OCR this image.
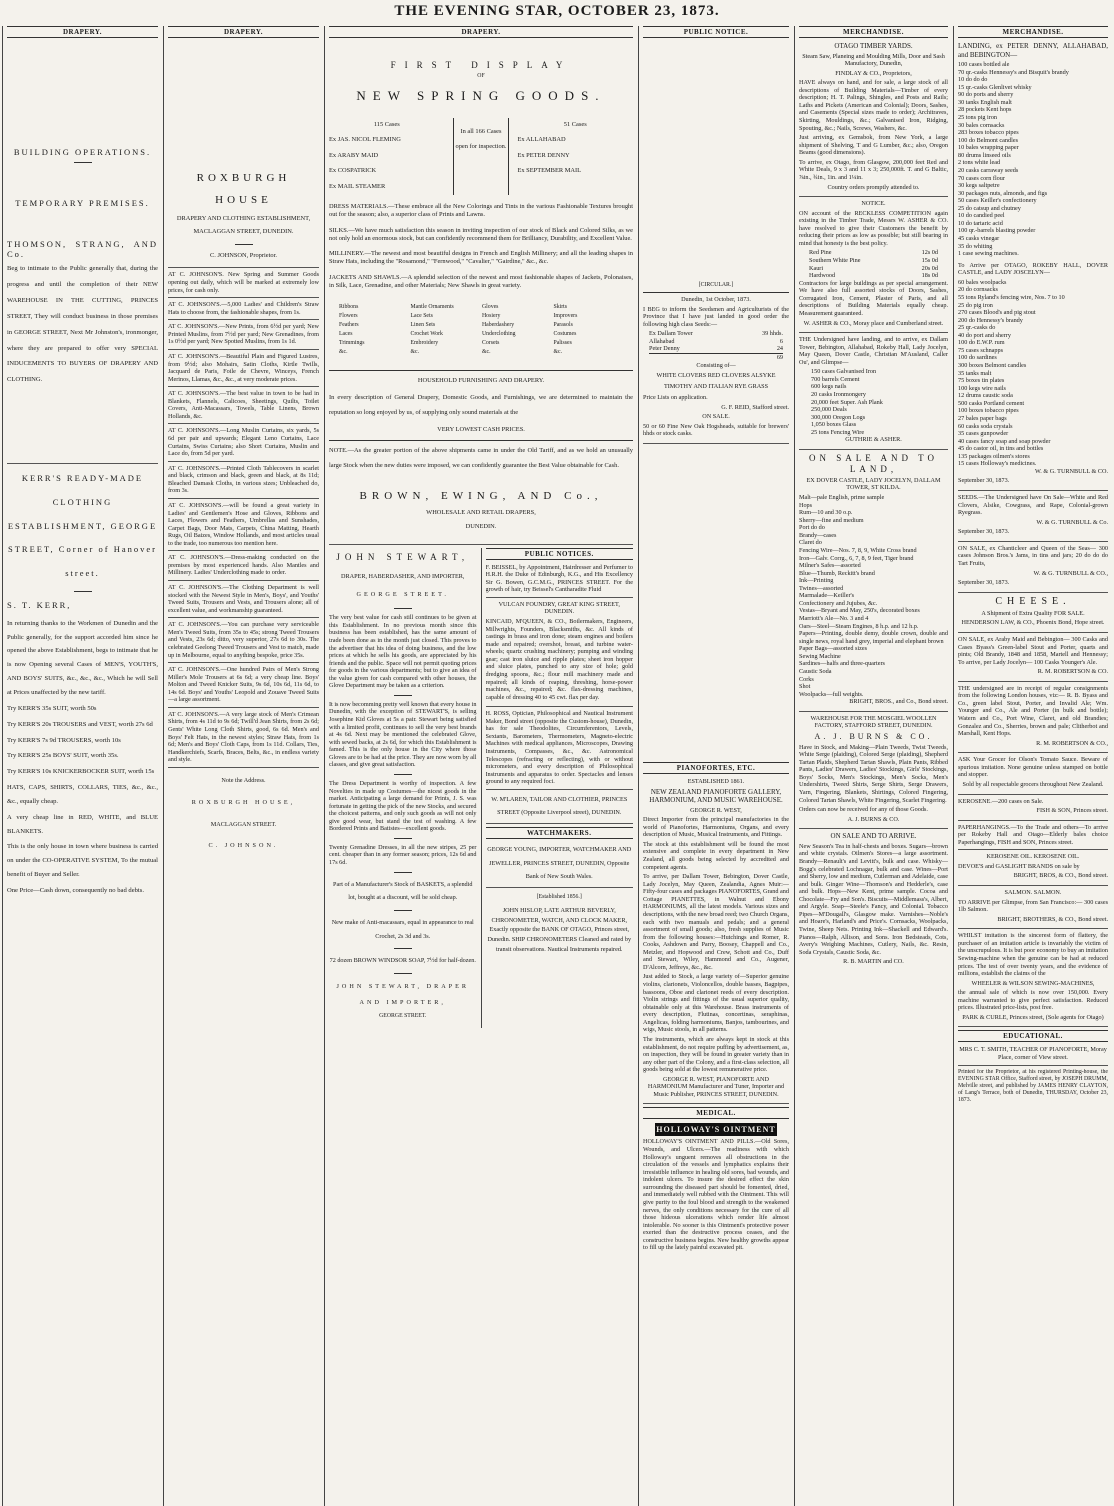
THE EVENING STAR, OCTOBER 23, 1873.
DRAPERY.

BUILDING OPERATIONS.

TEMPORARY PREMISES.

THOMSON, STRANG, AND Co.

Beg to intimate to the Public generally that, during the progress and until the completion of their NEW WAREHOUSE IN THE CUTTING, PRINCES STREET, They will conduct business in those premises in GEORGE STREET, Next Mr Johnston's, ironmonger, where they are prepared to offer very SPECIAL INDUCEMENTS TO BUYERS OF DRAPERY AND CLOTHING.

KERR'S READY-MADE CLOTHING ESTABLISHMENT, GEORGE STREET, Corner of Hanover street.

S. T. KERR,

In returning thanks to the Workmen of Dunedin and the Public generally, for the support accorded him since he opened the above Establishment, begs to intimate that he is now Opening several Cases of MEN'S, YOUTH'S, AND BOYS' SUITS, &c., &c., &c., Which he will Sell at Prices unaffected by the new tariff.

Try KERR'S 35s SUIT, worth 50s

Try KERR'S 20s TROUSERS and VEST, worth 27s 6d

Try KERR'S 7s 9d TROUSERS, worth 10s

Try KERR'S 25s BOYS' SUIT, worth 35s.

Try KERR'S 10s KNICKERBOCKER SUIT, worth 15s

HATS, CAPS, SHIRTS, COLLARS, TIES, &c., &c., &c., equally cheap.

A very cheap line in RED, WHITE, and BLUE BLANKETS.

This is the only house in town where business is carried on under the CO-OPERATIVE SYSTEM, To the mutual benefit of Buyer and Seller.

One Price—Cash down, consequently no bad debts.

DRAPERY.

ROXBURGH HOUSE

DRAPERY AND CLOTHING ESTABLISHMENT, MACLAGGAN STREET, DUNEDIN.

C. JOHNSON, Proprietor.

AT C. JOHNSON'S. New Spring and Summer Goods opening out daily, which will be marked at extremely low prices, for cash only.
AT C. JOHNSON'S.—5,000 Ladies' and Children's Straw Hats to choose from, the fashionable shapes, from 1s.
AT C. JOHNSON'S.—New Prints, from 6½d per yard; New Printed Muslins, from 7½d per yard; New Grenadines, from 1s 0½d per yard; New Spotted Muslins, from 1s 1d.
AT C. JOHNSON'S.—Beautiful Plain and Figured Lustres, from 9½d; also Mohairs, Satin Cloths, Kirtle Twills, Jacquard de Paris, Foile de Chevre, Winceys, French Merinos, Llamas, &c., &c., at very moderate prices.
AT C. JOHNSON'S.—The best value in town to be had in Blankets, Flannels, Calicoes, Sheetings, Quilts, Toilet Covers, Anti-Macassars, Towels, Table Linens, Brown Hollands, &c.
AT C. JOHNSON'S.—Long Muslin Curtains, six yards, 5s 6d per pair and upwards; Elegant Leno Curtains, Lace Curtains, Swiss Curtains; also Short Curtains, Muslin and Lace do, from 5d per yard.
AT C. JOHNSON'S.—Printed Cloth Tablecovers in scarlet and black, crimson and black, green and black, at 8s 11d; Bleached Damask Cloths, in various sizes; Unbleached do, from 3s.
AT C. JOHNSON'S.—will be found a great variety in Ladies' and Gentlemen's Hose and Gloves, Ribbons and Laces, Flowers and Feathers, Umbrellas and Sunshades, Carpet Bags, Door Mats, Carpets, China Matting, Hearth Rugs, Oil Baizes, Window Hollands, and most articles usual to the trade, too numerous too mention here.
AT C. JOHNSON'S.—Dress-making conducted on the premises by most experienced hands. Also Mantles and Millinery. Ladies' Underclothing made to order.
AT C. JOHNSON'S.—The Clothing Department is well stocked with the Newest Style in Men's, Boys', and Youths' Tweed Suits, Trousers and Vests, and Trousers alone; all of excellent value, and workmanship guaranteed.
AT C. JOHNSON'S.—You can purchase very serviceable Men's Tweed Suits, from 35s to 45s; strong Tweed Trousers and Vests, 23s 6d; ditto, very superior, 27s 6d to 30s. The celebrated Geelong Tweed Trousers and Vest to match, made up in Melbourne, equal to anything bespoke, price 35s.
AT C. JOHNSON'S.—One hundred Pairs of Men's Strong Miller's Mole Trousers at 6s 6d; a very cheap line. Boys' Molton and Tweed Knicker Suits, 9s 6d, 10s 6d, 11s 6d, to 14s 6d. Boys' and Youths' Leopold and Zouave Tweed Suits—a large assortment.
AT C. JOHNSON'S.—A very large stock of Men's Crimean Shirts, from 4s 11d to 9s 6d; Twill'd Jean Shirts, from 2s 6d; Gents' White Long Cloth Shirts, good, 6s 6d. Men's and Boys' Felt Hats, in the newest styles; Straw Hats, from 1s 6d; Men's and Boys' Cloth Caps, from 1s 11d. Collars, Ties, Handkerchiefs, Scarfs, Braces, Belts, &c., in endless variety and style.

Note the Address.

ROXBURGH HOUSE,

MACLAGGAN STREET.

C. JOHNSON.

DRAPERY.

FIRST DISPLAY

OF

NEW SPRING GOODS.

115 Cases

Ex JAS. NICOL FLEMING

Ex ARABY MAID

Ex COSPATRICK

Ex MAIL STEAMER

In all 166 Cases open for inspection.

51 Cases

Ex ALLAHABAD

Ex PETER DENNY

Ex SEPTEMBER MAIL

DRESS MATERIALS.—These embrace all the New Colorings and Tints in the various Fashionable Textures brought out for the season; also, a superior class of Prints and Lawns.

SILKS.—We have much satisfaction this season in inviting inspection of our stock of Black and Colored Silks, as we not only hold an enormous stock, but can confidently recommend them for Brilliancy, Durability, and Excellent Value.

MILLINERY.—The newest and most beautiful designs in French and English Millinery; and all the leading shapes in Straw Hats, including the "Rosamond," "Fernwood," "Cavalier," "Gairdine," &c., &c.

JACKETS AND SHAWLS.—A splendid selection of the newest and most fashionable shapes of Jackets, Polonaises, in Silk, Lace, Grenadine, and other Materials; New Shawls in great variety.

Ribbons	Mantle Ornaments	Gloves	Skirts
Flowers	Lace Sets	Hosiery	Improvers
Feathers	Linen Sets	Haberdashery	Parasols
Laces	Crochet Work	Underclothing	Costumes
Trimmings	Embroidery	Corsets	Palisses
&c.	&c.	&c.	&c.

HOUSEHOLD FURNISHING AND DRAPERY.

In every description of General Drapery, Domestic Goods, and Furnishings, we are determined to maintain the reputation so long enjoyed by us, of supplying only sound materials at the

VERY LOWEST CASH PRICES.

NOTE.—As the greater portion of the above shipments came in under the Old Tariff, and as we hold an unusually large Stock when the new duties were imposed, we can confidently guarantee the Best Value obtainable for Cash.

BROWN, EWING, AND Co.,

WHOLESALE AND RETAIL DRAPERS,

DUNEDIN.

JOHN STEWART,

DRAPER, HABERDASHER, AND IMPORTER,

GEORGE STREET.

The very best value for cash still continues to be given at this Establishment. In no previous month since this business has been established, has the same amount of trade been done as in the month just closed. This proves to the advertiser that his idea of doing business, and the low prices at which he sells his goods, are appreciated by his friends and the public. Space will not permit quoting prices for goods in the various departments; but to give an idea of the value given for cash compared with other houses, the Glove Department may be taken as a criterion.

It is now becomming pretty well known that every house in Dunedin, with the exception of STEWART'S, is selling Josephine Kid Gloves at 5s a pair. Stewart being satisfied with a limited profit, continues to sell the very best brands at 4s 6d. Next may be mentioned the celebrated Glove, with sewed backs, at 2s 6d, for which this Establishment is famed. This is the only house in the City where those Gloves are to be had at the price. They are now worn by all classes, and give great satisfaction.

The Dress Department is worthy of inspection. A few Novelties in made up Costumes—the nicest goods in the market. Anticipating a large demand for Prints, J. S. was fortunate in getting the pick of the new Stocks, and secured the choicest patterns, and only such goods as will not only give good wear, but stand the test of washing. A few Bordered Prints and Batistes—excellent goods.

Twenty Grenadine Dresses, in all the new stripes, 25 per cent. cheaper than in any former season; prices, 12s 6d and 17s 6d.

Part of a Manufacturer's Stock of BASKETS, a splendid lot, bought at a discount, will be sold cheap.

New make of Anti-macassars, equal in appearance to real Crochet, 2s 3d and 3s.

72 dozen BROWN WINDSOR SOAP, 7½d for half-dozen.

JOHN STEWART, DRAPER AND IMPORTER,

GEORGE STREET.

PUBLIC NOTICES.
F. BEISSEL, by Appointment, Hairdresser and Perfumer to H.R.H. the Duke of Edinburgh, K.G., and His Excellency Sir G. Bowen, G.C.M.G., PRINCES STREET. For the growth of hair, try Beissel's Cantharadite Fluid

VULCAN FOUNDRY, GREAT KING STREET, DUNEDIN.

KINCAID, M'QUEEN, & CO., Boilermakers, Engineers, Millwrights, Founders, Blacksmiths, &c. All kinds of castings in brass and iron done; steam engines and boilers made and repaired; overshot, breast, and turbine water-wheels; quartz crushing machinery; pumping and winding gear; cast iron sluice and ripple plates; sheet iron hopper and sluice plates, punched to any size of hole; gold dredging spoons, &c.; flour mill machinery made and repaired; all kinds of reaping, threshing, horse-power machines, &c., repaired; &c. flax-dressing machines, capable of dressing 40 to 45 cwt. flax per day.

H. ROSS, Optician, Philosophical and Nautical Instrument Maker, Bond street (opposite the Custom-house), Dunedin, has for sale Theodolites, Circumferentors, Levels, Sextants, Barometers, Thermometers, Magneto-electric Machines with medical appliances, Microscopes, Drawing Instruments, Compasses, &c., &c. Astronomical Telescopes (refracting or reflecting), with or without micrometers, and every description of Philosophical Instruments and apparatus to order. Spectacles and lenses ground to any required foci.
W. M'LAREN, TAILOR AND CLOTHIER, PRINCES STREET (Opposite Liverpool street), DUNEDIN.
WATCHMAKERS.
GEORGE YOUNG, IMPORTER, WATCHMAKER AND JEWELLER, PRINCES STREET, DUNEDIN, Opposite Bank of New South Wales.

[Established 1856.]

JOHN HISLOP, LATE ARTHUR BEVERLY, CHRONOMETER, WATCH, AND CLOCK MAKER, Exactly opposite the BANK OF OTAGO, Princes street, Dunedin. SHIP CHRONOMETERS Cleaned and rated by transit observations. Nautical Instruments repaired.
PUBLIC NOTICE.

[CIRCULAR.]

Dunedin, 1st October, 1873.

I BEG to inform the Seedsmen and Agriculturists of the Province that I have just landed in good order the following high class Seeds:—

Ex Dallam Tower	39 hhds.
Allahabad	6
Peter Denny	24
69

Consisting of—

WHITE CLOVERS RED CLOVERS ALSYKE TIMOTHY AND ITALIAN RYE GRASS

Price Lists on application.

G. F. REID, Stafford street.

ON SALE.

50 or 60 Fine New Oak Hogsheads, suitable for brewers' hhds or stock casks.

PIANOFORTES, ETC.

ESTABLISHED 1861.

NEW ZEALAND PIANOFORTE GALLERY, HARMONIUM, AND MUSIC WAREHOUSE.

GEORGE R. WEST,

Direct Importer from the principal manufactories in the world of Pianofortes, Harmoniums, Organs, and every description of Music, Musical Instruments, and Fittings.

The stock at this establishment will be found the most extensive and complete in every department in New Zealand, all goods being selected by accredited and competent agents.

To arrive, per Dallam Tower, Bebington, Dover Castle, Lady Jocelyn, May Queen, Zealandia, Agnes Muir:—Fifty-four cases and packages PIANOFORTES, Grand and Cottage PIANETTES, in Walnut and Ebony HARMONIUMS, all the latest models. Various sizes and descriptions, with the new broad reed; two Church Organs, each with two manuals and pedals; and a general assortment of small goods; also, fresh supplies of Music from the following houses:—Hutchings and Romer, R. Cooks, Ashdown and Parry, Boosey, Chappell and Co., Metzler, and Hopwood and Crew, Schott and Co., Duff and Stewart, Wiley, Hammond and Co., Augener, D'Alcorn, Jeffreys, &c., &c.

Just added to Stock, a large variety of—Superior genuine violins, clarionets, Violoncellos, double basses, Bagpipes, bassoons, Oboe and clarionet reeds of every description. Violin strings and fittings of the usual superior quality, obtainable only at this Warehouse. Brass instruments of every description, Flutinas, concertinas, seraphinas, Angelicas, folding harmoniums, Banjos, tambourines, and wigs, Music stools, in all patterns.

The instruments, which are always kept in stock at this establishment, do not require puffing by advertisement, as, on inspection, they will be found in greater variety than in any other part of the Colony, and a first-class selection, all goods being sold at the lowest remunerative price.

GEORGE R. WEST, PIANOFORTE AND HARMONIUM Manufacturer and Tuner, Importer and Music Publisher, PRINCES STREET, DUNEDIN.

MEDICAL.
HOLLOWAY'S OINTMENT
HOLLOWAY'S OINTMENT AND PILLS.—Old Sores, Wounds, and Ulcers.—The readiness with which Holloway's unguent removes all obstructions in the circulation of the vessels and lymphatics explains their irresistible influence in healing old sores, bad wounds, and indolent ulcers. To insure the desired effect the skin surrounding the diseased part should be fomented, dried, and immediately well rubbed with the Ointment. This will give purity to the foul blood and strength to the weakened nerves, the only conditions necessary for the cure of all those hideous ulcerations which render life almost intolerable. No sooner is this Ointment's protective power exerted than the destructive process ceases, and the constructive business begins. New healthy growths appear to fill up the lately painful excavated pit.
MERCHANDISE.

OTAGO TIMBER YARDS.

Steam Saw, Planeing and Moulding Mills, Door and Sash Manufactory, Dunedin,

FINDLAY & CO., Proprietors,

HAVE always on hand, and for sale, a large stock of all descriptions of Building Materials—Timber of every description; H. T. Palings, Shingles, and Posts and Rails; Laths and Pickets (American and Colonial); Doors, Sashes, and Casements (Special sizes made to order); Architraves, Skirting, Mouldings, &c.; Galvanised Iron, Ridging, Spouting, &c.; Nails, Screws, Washers, &c.

Just arriving, ex Gemsbok, from New York, a large shipment of Shelving, T and G Lumber, &c.; also, Oregon Beams (good dimensions).

To arrive, ex Otago, from Glasgow, 200,000 feet Red and White Deals, 9 x 3 and 11 x 3; 250,000ft. T. and G Baltic, ⅞in., ¾in., 1in. and 1¼in.

Country orders promptly attended to.

NOTICE.

ON account of the RECKLESS COMPETITION again existing in the Timber Trade, Messrs W. ASHER & CO. have resolved to give their Customers the benefit by reducing their prices as low as possible; but still bearing in mind that honesty is the best policy.

Red Pine	12s 0d
Southern White Pine	15s 0d
Kauri	20s 0d
Hardwood	18s 0d

Contractors for large buildings as per special arrangement. We have also full assorted stocks of Doors, Sashes, Corrugated Iron, Cement, Plaster of Paris, and all descriptions of Building Materials equally cheap. Measurement guaranteed.

W. ASHER & CO., Moray place and Cumberland street.

THE Undersigned have landing, and to arrive, ex Dallam Tower, Bebington, Allahabad, Rokeby Hall, Lady Jocelyn, May Queen, Dover Castle, Christian M'Ausland, Caller Ou', and Glimpse—

150 cases Galvanised Iron
700 barrels Cement
600 kegs nails
20 casks Ironmongery
20,000 feet Super. Ash Plank
250,000 Deals
300,000 Oregon Logs
1,050 boxes Glass
25 tons Fencing Wire

GUTHRIE & ASHER.

ON SALE AND TO LAND,

EX DOVER CASTLE, LADY JOCELYN, DALLAM TOWER, ST KILDA.

Malt—pale English, prime sample
Hops
Rum—10 and 30 o.p.
Sherry—fine and medium
Port do do
Brandy—cases
Claret do
Fencing Wire—Nos. 7, 8, 9, White Cross brand
Iron—Galv. Corrg., 6, 7, 8, 9 feet, Tiger brand
Milner's Safes—assorted
Blue—Thumb, Reckitt's brand
Ink—Printing
Twines—assorted
Marmalade—Keiller's
Confectionery and Jujubes, &c.
Vestas—Bryant and May, 250's, decorated boxes
Marriott's Ale—No. 3 and 4
Oars—Steel—Steam Engines, 8 h.p. and 12 h.p.
Papers—Printing, double demy, double crown, double and single news, royal hand grey, imperial and elephant brown
Paper Bags—assorted sizes
Sewing Machine
Sardines—halfs and three-quarters
Caustic Soda
Corks
Shot
Woolpacks—full weights.

BRIGHT, BROS., and Co., Bond street.

WAREHOUSE FOR THE MOSGIEL WOOLLEN FACTORY, STAFFORD STREET, DUNEDIN.

A. J. BURNS & CO.

Have in Stock, and Making—Plain Tweeds, Twist Tweeds, White Serge (plaiding), Colored Serge (plaiding), Shepherd Tartan Plaids, Shepherd Tartan Shawls, Plain Pants, Ribbed Pants, Ladies' Drawers, Ladies' Stockings, Girls' Stockings, Boys' Socks, Men's Stockings, Men's Socks, Men's Undershirts, Tweed Shirts, Serge Shirts, Serge Drawers, Yarn, Fingering, Blankets, Shirtings, Colored Fingering, Colored Tartan Shawls, White Fingering, Scarlet Fingering.

Orders can now be received for any of those Goods.

A. J. BURNS & CO.

ON SALE AND TO ARRIVE.

New Season's Tea in half-chests and boxes. Sugars—brown and white crystals. Oilmen's Stores—a large assortment. Brandy—Renault's and Levitt's, bulk and case. Whisky—Bogg's celebrated Lochnagar, bulk and case. Wines—Port and Sherry, low and medium, Cutlerman and Adelaide, case and bulk. Ginger Wine—Thomson's and Hedderle's, case and bulk. Hops—New Kent, prime sample. Cocoa and Chocolate—Fry and Son's. Biscuits—Middlemass's, Albert, and Argyle. Soap—Steele's Fancy, and Colonial. Tobacco Pipes—M'Dougall's, Glasgow make. Varnishes—Noble's and Hoare's, Harland's and Price's. Cornsacks, Woolpacks, Twine, Sheep Nets. Printing Ink—Shackell and Edward's. Pianos—Ralph, Allison, and Sons. Iron Bedsteads, Cots, Avery's Weighing Machines, Cutlery, Nails, &c. Resin, Soda Crystals, Caustic Soda, &c.

R. B. MARTIN and CO.

MERCHANDISE.

LANDING, ex PETER DENNY, ALLAHABAD, and BEBINGTON—

100 cases bottled ale
70 qr.-casks Hennessy's and Bisquit's brandy
10 do do do
15 qr.-casks Glenlivet whisky
90 do ports and sherry
30 tanks English malt
28 pockets Kent hops
25 tons pig iron
30 bales cornsacks
283 boxes tobacco pipes
100 do Belmont candles
10 bales wrapping paper
80 drums linseed oils
2 tons white lead
20 casks carraway seeds
70 cases corn flour
30 kegs saltpetre
30 packages nuts, almonds, and figs
50 cases Keiller's confectionery
25 do catsup and chutney
10 do candied peel
10 do tartaric acid
100 qr.-barrels blasting powder
45 casks vinegar
35 do whiting
1 case sewing machines.

To Arrive per OTAGO, ROKEBY HALL, DOVER CASTLE, and LADY JOSCELYN—

60 bales woolpacks
20 do cornsacks
55 tons Ryland's fencing wire, Nos. 7 to 10
25 do pig iron
270 cases Blood's and pig stout
200 do Hennessy's brandy
25 qr.-casks do
40 do port and sherry
100 do E.W.P. rum
75 cases schnapps
100 do sardines
300 boxes Belmont candles
35 tanks malt
75 boxes tin plates
100 kegs wire nails
12 drums caustic soda
500 casks Portland cement
100 boxes tobacco pipes
27 bales paper bags
60 casks soda crystals
35 cases gunpowder
40 cases fancy soap and soap powder
45 do castor oil, in tins and bottles
135 packages oilmen's stores
15 cases Holloway's medicines.

W. & G. TURNBULL & CO.

September 30, 1873.

SEEDS.—The Undersigned have On Sale—White and Red Clovers, Alsike, Cowgrass, and Rape, Colonial-grown Ryegrass.

W. & G. TURNBULL & Co.

September 30, 1873.

ON SALE, ex Chanticleer and Queen of the Seas— 300 cases Johnson Bros.'s Jams, in tins and jars; 20 do do do Tart Fruits,

W. & G. TURNBULL & CO.,

September 30, 1873.

CHEESE.

A Shipment of Extra Quality FOR SALE.

HENDERSON LAW, & CO., Phoenix Bond, Hope street.

ON SALE, ex Araby Maid and Bebington— 300 Casks and Cases Byass's Green-label Stout and Porter, quarts and pints; Old Brandy, 1848 and 1858, Martell and Hennessy; To arrive, per Lady Jocelyn— 100 Casks Younger's Ale.

R. M. ROBERTSON & CO.

THE undersigned are in receipt of regular consignments from the following London houses, viz:— R. B. Byass and Co., green label Stout, Porter, and Invalid Ale; Wm. Younger and Co., Ale and Porter (in bulk and bottle); Watern and Co., Port Wine, Claret, and old Brandies; Gonzalez and Co., Sherries, brown and pale; Clitherbot and Marshall, Kent Hops.

R. M. ROBERTSON & CO.,

ASK Your Grocer for Olson's Tomato Sauce. Beware of spurious imitation. None genuine unless stamped on bottle and stopper.

Sold by all respectable grocers throughout New Zealand.

KEROSENE.—200 cases on Sale.

FISH & SON, Princes street.

PAPERHANGINGS.—To the Trade and others—To arrive per Rokeby Hall and Otago—Elderly bales choice Paperhangings, FISH and SON, Princes street.

KEROSENE OIL. KEROSENE OIL.

DEVOE'S and GASLIGHT BRANDS on sale by

BRIGHT, BROS, & CO., Bond street.

SALMON. SALMON.

TO ARRIVE per Glimpse, from San Francisco:— 300 cases 1lb Salmon.

BRIGHT, BROTHERS, & CO., Bond street.

WHILST imitation is the sincerest form of flattery, the purchaser of an imitation article is invariably the victim of the unscrupulous. It is but poor economy to buy an imitation Sewing-machine when the genuine can be had at reduced prices. The test of over twenty years, and the evidence of millions, establish the claims of the

WHEELER & WILSON SEWING-MACHINES,

the annual sale of which is now over 150,000. Every machine warranted to give perfect satisfaction. Reduced prices. Illustrated price-lists, post free.

PARK & CURLE, Princes street, (Sole agents for Otago)

EDUCATIONAL.
MRS C. T. SMITH, TEACHER OF PIANOFORTE, Moray Place, corner of View street.
Printed for the Proprietor, at his registered Printing-house, the EVENING STAR Office, Stafford street, by JOSEPH DRUMM, Melville street, and published by JAMES HENRY CLAYTON, of Lang's Terrace, both of Dunedin, THURSDAY, October 23, 1873.
